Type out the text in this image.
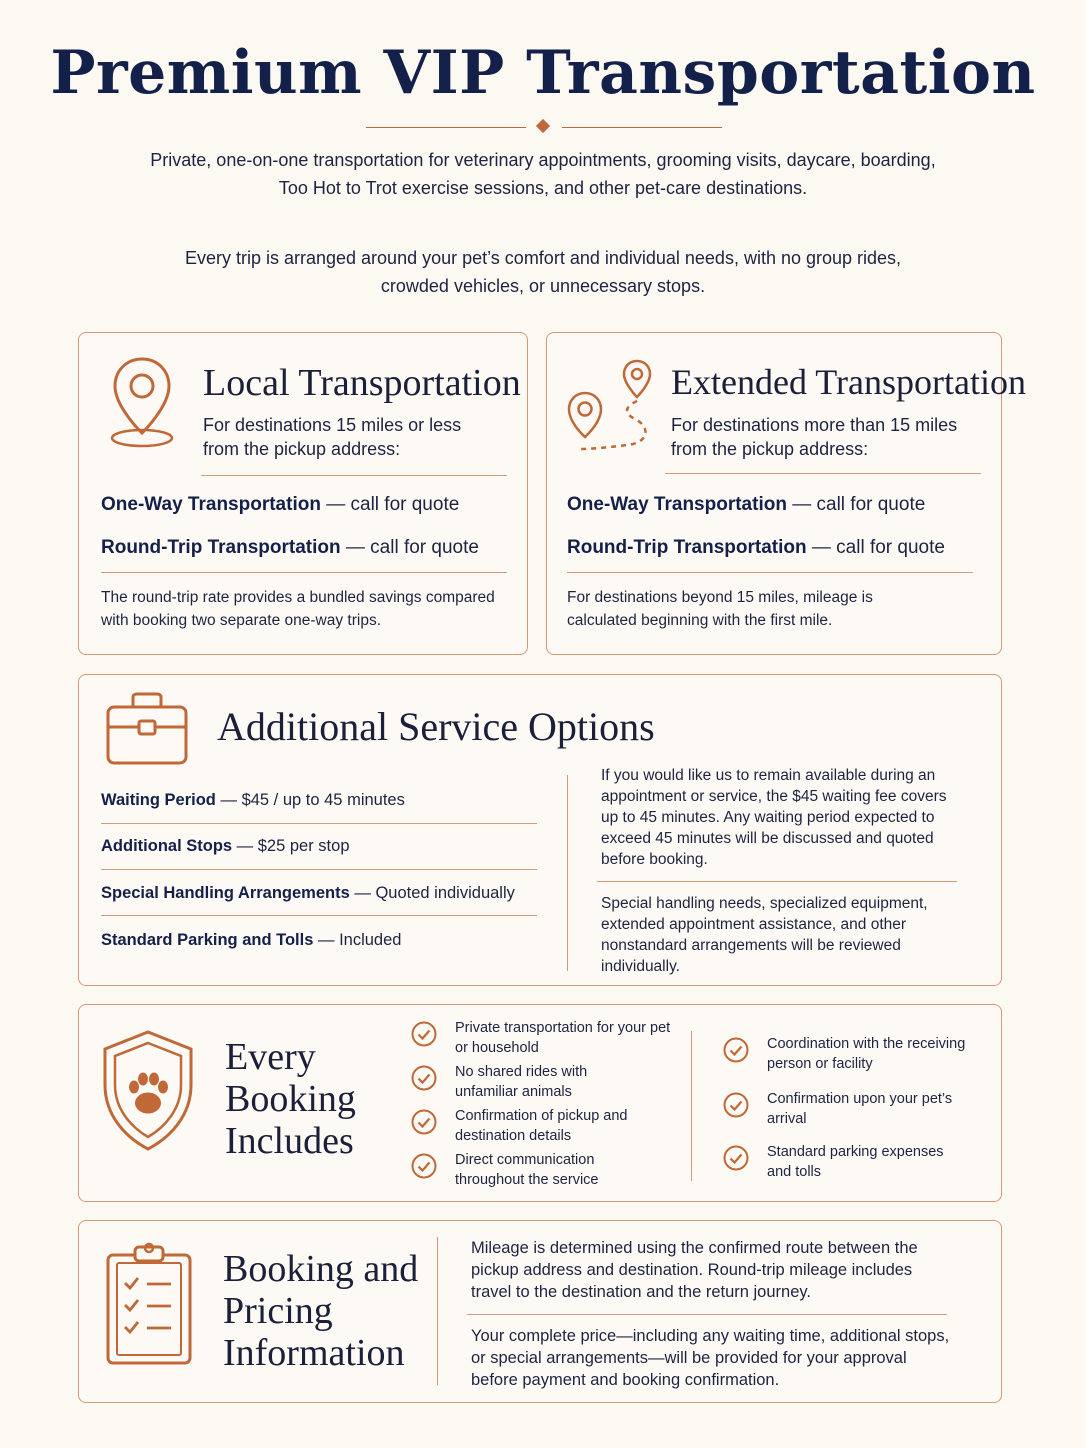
Premium VIP Transportation

Private, one-on-one transportation for veterinary appointments, grooming visits, daycare, boarding, Too Hot to Trot exercise sessions, and other pet-care destinations.

Every trip is arranged around your pet’s comfort and individual needs, with no group rides, crowded vehicles, or unnecessary stops.

Local Transportation
For destinations 15 miles or less from the pickup address:
One-Way Transportation — call for quote
Round-Trip Transportation — call for quote
The round-trip rate provides a bundled savings compared with booking two separate one-way trips.
Extended Transportation
For destinations more than 15 miles from the pickup address:
One-Way Transportation — call for quote
Round-Trip Transportation — call for quote
For destinations beyond 15 miles, mileage is calculated beginning with the first mile.
Additional Service Options
Waiting Period — $45 / up to 45 minutes
Additional Stops — $25 per stop
Special Handling Arrangements — Quoted individually
Standard Parking and Tolls — Included
If you would like us to remain available during an appointment or service, the $45 waiting fee covers up to 45 minutes. Any waiting period expected to exceed 45 minutes will be discussed and quoted before booking.
Special handling needs, specialized equipment, extended appointment assistance, and other nonstandard arrangements will be reviewed individually.
Every
Booking
Includes
Private transportation for your pet or household
No shared rides with unfamiliar animals
Confirmation of pickup and destination details
Direct communication throughout the service
Coordination with the receiving person or facility
Confirmation upon your pet’s arrival
Standard parking expenses and tolls
Booking and
Pricing
Information
Mileage is determined using the confirmed route between the pickup address and destination. Round-trip mileage includes travel to the destination and the return journey.
Your complete price—including any waiting time, additional stops, or special arrangements—will be provided for your approval before payment and booking confirmation.
